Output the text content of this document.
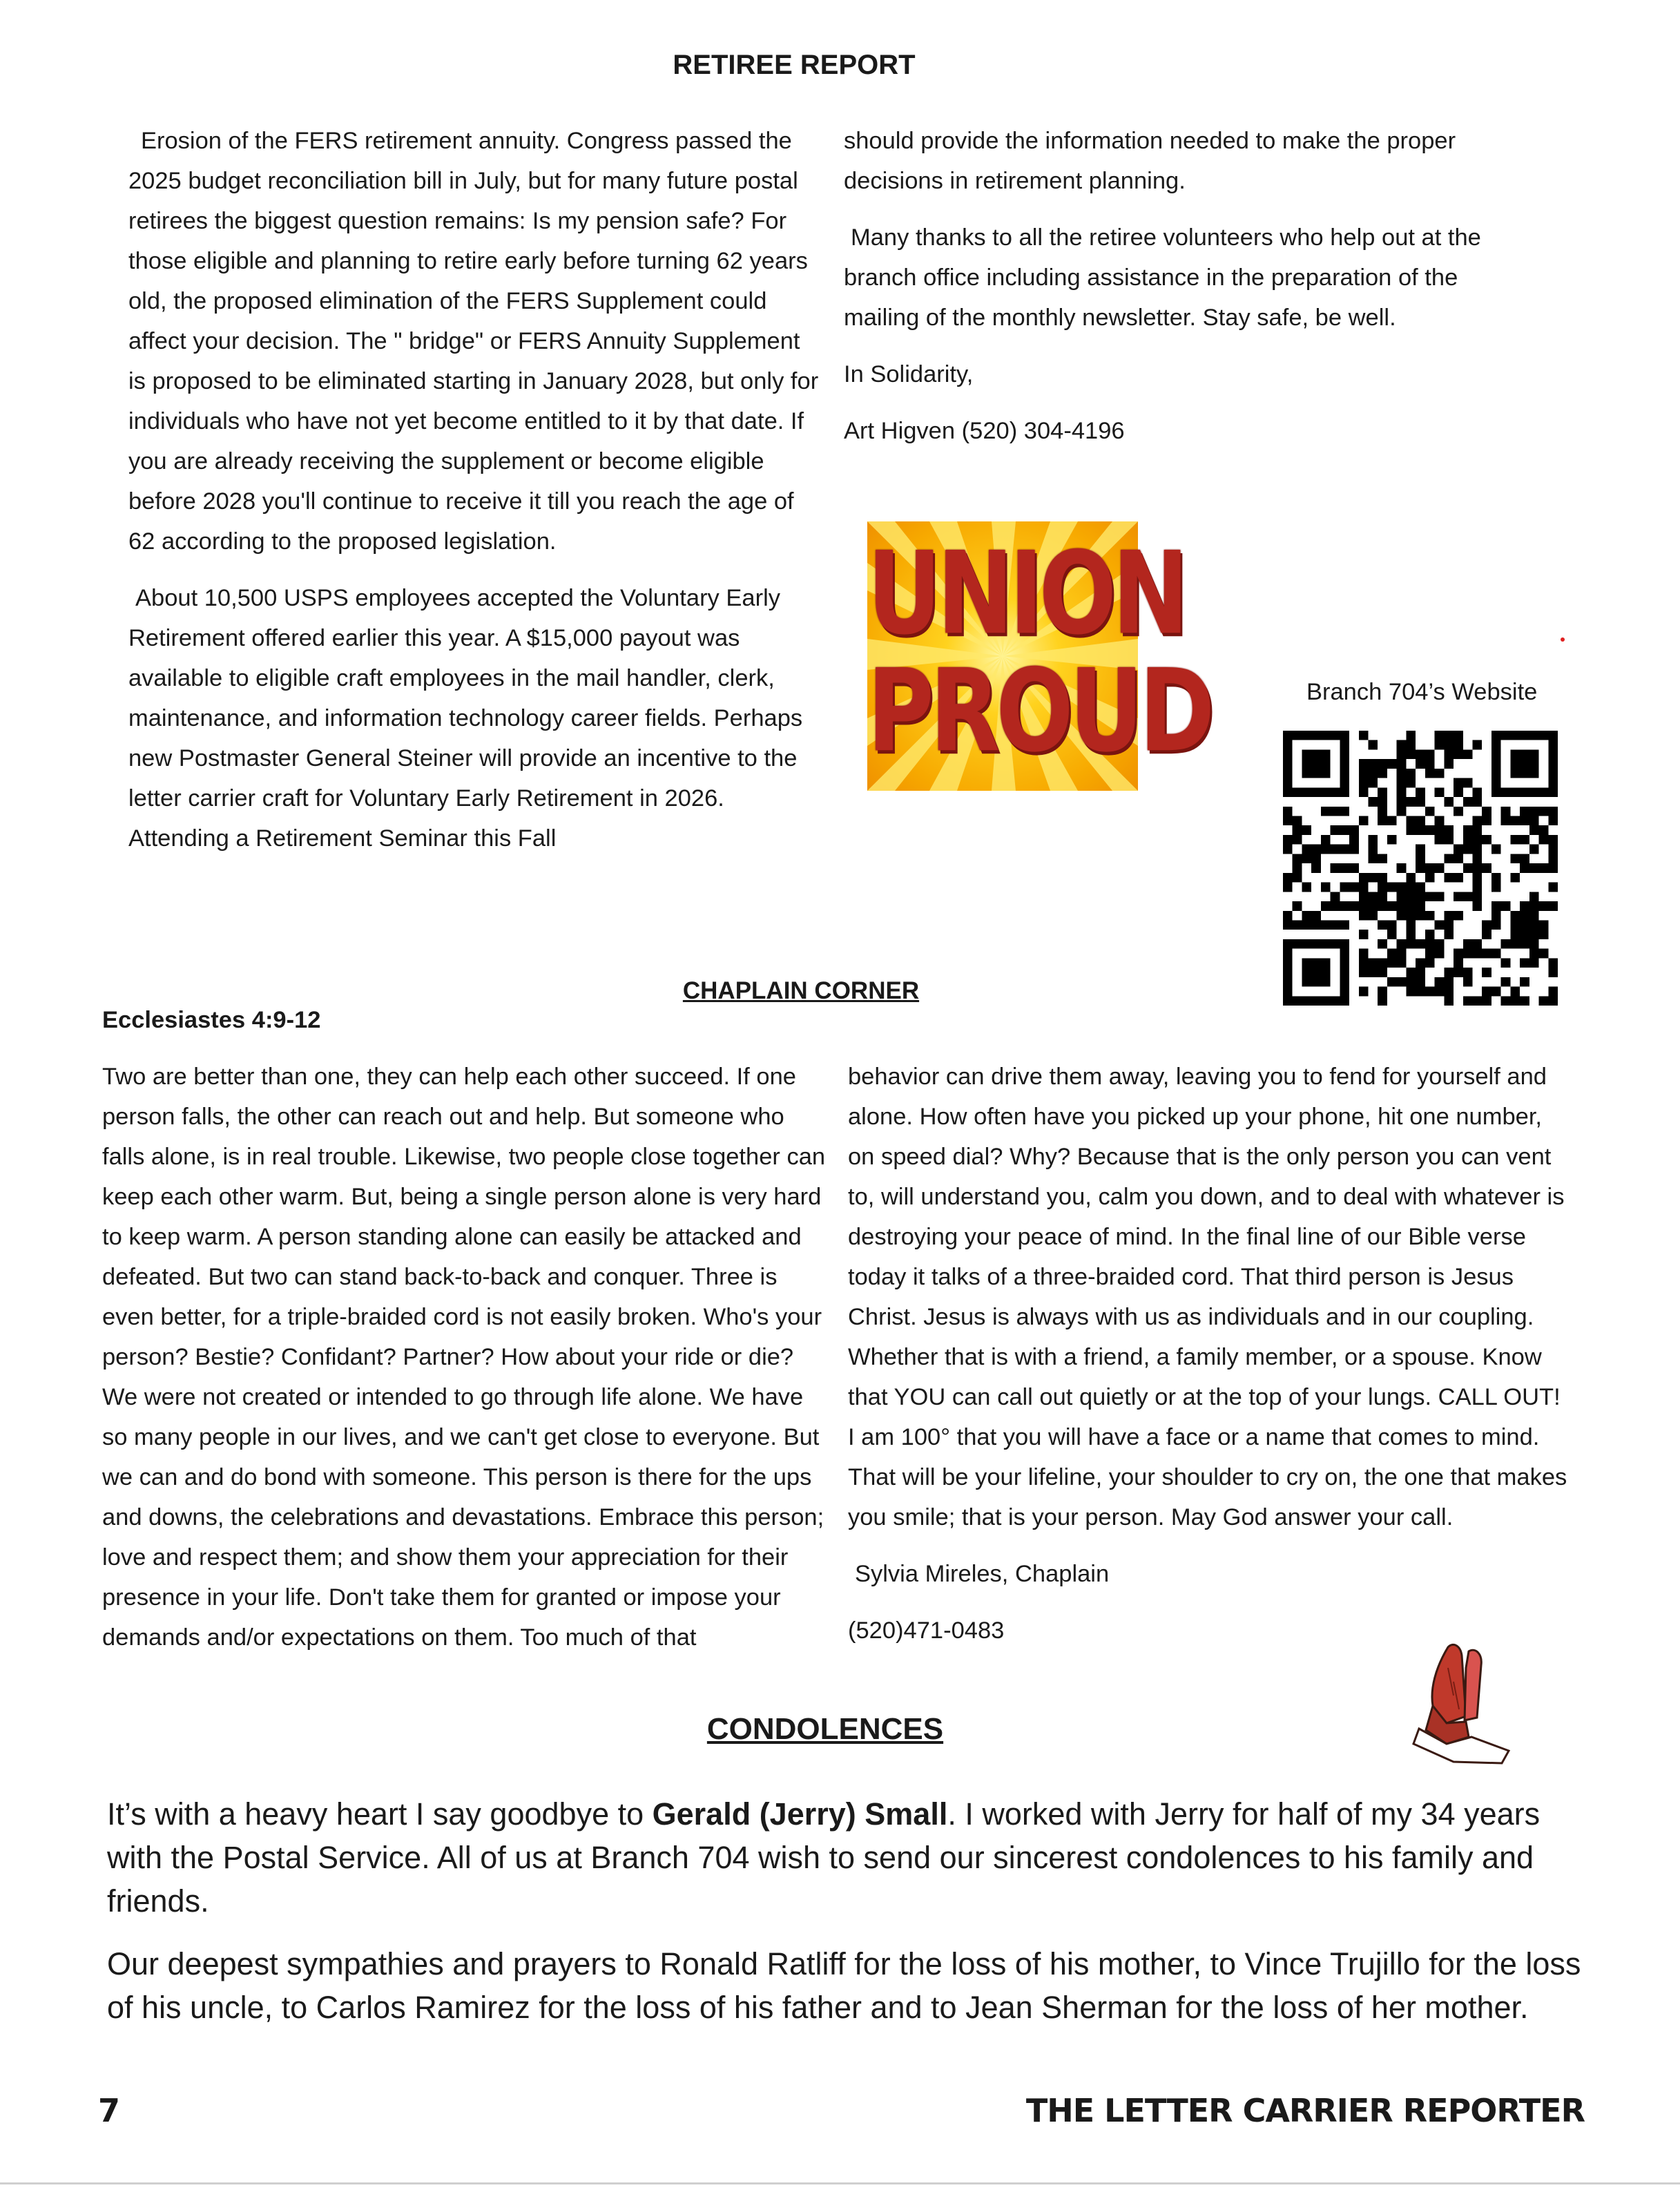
RETIREE REPORT

Erosion of the FERS retirement annuity. Congress passed the 2025 budget reconciliation bill in July, but for many future postal retirees the biggest question remains: Is my pension safe? For those eligible and planning to retire early before turning 62 years old, the proposed elimination of the FERS Supplement could affect your decision. The " bridge" or FERS Annuity Supplement is proposed to be eliminated starting in January 2028, but only for individuals who have not yet become entitled to it by that date. If you are already receiving the supplement or become eligible before 2028 you'll continue to receive it till you reach the age of 62 according to the proposed legislation.

About 10,500 USPS employees accepted the Voluntary Early Retirement offered earlier this year. A $15,000 payout was available to eligible craft employees in the mail handler, clerk, maintenance, and information technology career fields. Perhaps new Postmaster General Steiner will provide an incentive to the letter carrier craft for Voluntary Early Retirement in 2026. Attending a Retirement Seminar this Fall

should provide the information needed to make the proper decisions in retirement planning.

Many thanks to all the retiree volunteers who help out at the branch office including assistance in the preparation of the mailing of the monthly newsletter. Stay safe, be well.

In Solidarity,

Art Higven (520) 304-4196

UNION
PROUD	Branch 704’s Website
CHAPLAIN CORNER
Ecclesiastes 4:9-12
Two are better than one, they can help each other succeed. If one person falls, the other can reach out and help. But someone who falls alone, is in real trouble. Likewise, two people close together can keep each other warm. But, being a single person alone is very hard to keep warm. A person standing alone can easily be attacked and defeated. But two can stand back-to-back and conquer. Three is even better, for a triple-braided cord is not easily broken. Who's your person? Bestie? Confidant? Partner? How about your ride or die? We were not created or intended to go through life alone. We have so many people in our lives, and we can't get close to everyone. But we can and do bond with someone. This person is there for the ups and downs, the celebrations and devastations. Embrace this person; love and respect them; and show them your appreciation for their presence in your life. Don't take them for granted or impose your demands and/or expectations on them. Too much of that

behavior can drive them away, leaving you to fend for yourself and alone. How often have you picked up your phone, hit one number, on speed dial? Why? Because that is the only person you can vent to, will understand you, calm you down, and to deal with whatever is destroying your peace of mind. In the final line of our Bible verse today it talks of a three-braided cord. That third person is Jesus Christ. Jesus is always with us as individuals and in our coupling. Whether that is with a friend, a family member, or a spouse. Know that YOU can call out quietly or at the top of your lungs. CALL OUT! I am 100° that you will have a face or a name that comes to mind. That will be your lifeline, your shoulder to cry on, the one that makes you smile; that is your person. May God answer your call.

Sylvia Mireles, Chaplain

(520)471-0483

CONDOLENCES

It’s with a heavy heart I say goodbye to Gerald (Jerry) Small. I worked with Jerry for half of my 34 years with the Postal Service. All of us at Branch 704 wish to send our sincerest condolences to his family and friends.

Our deepest sympathies and prayers to Ronald Ratliff for the loss of his mother, to Vince Trujillo for the loss of his uncle, to Carlos Ramirez for the loss of his father and to Jean Sherman for the loss of her mother.

7	THE LETTER CARRIER REPORTER
